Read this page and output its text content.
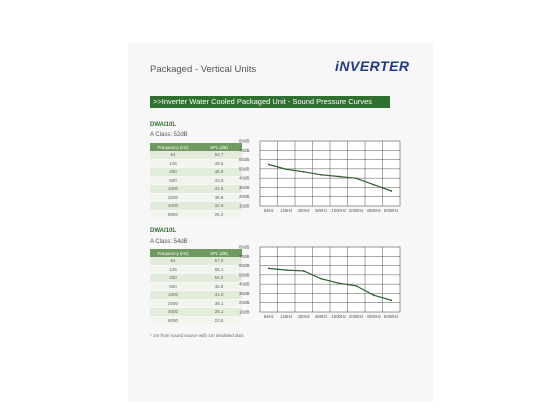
Packaged - Vertical Units	iNVERTER
>>Inverter Water Cooled Packaged Unit - Sound Pressure Curves
DWAI10L
A Class: 52dB
Frequency (Hz)	SPL (dB)
64	54.7
125	49.6
250	46.8
500	43.6
1000	41.8
2000	39.8
4000	32.9
8000	26.2
10dB
20dB
30dB
40dB
50dB
60dB
70dB
80dB
64Hz 125Hz 250Hz 500Hz 1000Hz 2000Hz 4000Hz 8000Hz
DWAI10L
A Class: 54dB
Frequency (Hz)	SPL (dB)
64	57.0
125	55.1
250	54.2
500	45.8
1000	41.0
2000	38.1
4000	28.1
8000	22.6
10dB
20dB
30dB
40dB
50dB
60dB
70dB
80dB
64Hz 125Hz 250Hz 500Hz 1000Hz 2000Hz 4000Hz 8000Hz
* 1m from sound source with 1m insulated duct
